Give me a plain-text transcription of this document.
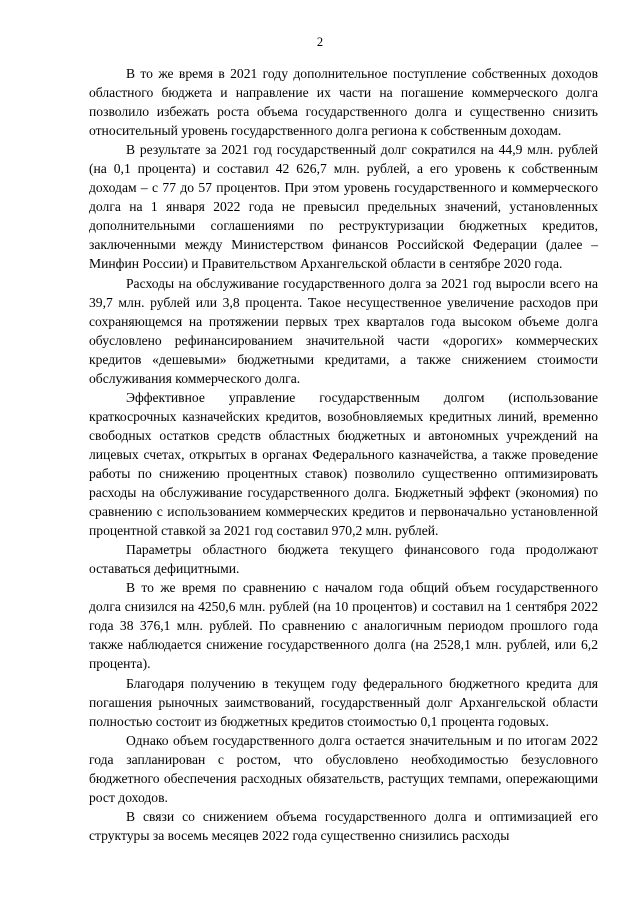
2

В то же время в 2021 году дополнительное поступление собственных доходов областного бюджета и направление их части на погашение коммерческого долга позволило избежать роста объема государственного долга и существенно снизить относительный уровень государственного долга региона к собственным доходам.

В результате за 2021 год государственный долг сократился на 44,9 млн. рублей (на 0,1 процента) и составил 42 626,7 млн. рублей, а его уровень к собственным доходам – с 77 до 57 процентов. При этом уровень государственного и коммерческого долга на 1 января 2022 года не превысил предельных значений, установленных дополнительными соглашениями по реструктуризации бюджетных кредитов, заключенными между Министерством финансов Российской Федерации (далее – Минфин России) и Правительством Архангельской области в сентябре 2020 года.

Расходы на обслуживание государственного долга за 2021 год выросли всего на 39,7 млн. рублей или 3,8 процента. Такое несущественное увеличение расходов при сохраняющемся на протяжении первых трех кварталов года высоком объеме долга обусловлено рефинансированием значительной части «дорогих» коммерческих кредитов «дешевыми» бюджетными кредитами, а также снижением стоимости обслуживания коммерческого долга.

Эффективное управление государственным долгом (использование краткосрочных казначейских кредитов, возобновляемых кредитных линий, временно свободных остатков средств областных бюджетных и автономных учреждений на лицевых счетах, открытых в органах Федерального казначейства, а также проведение работы по снижению процентных ставок) позволило существенно оптимизировать расходы на обслуживание государственного долга. Бюджетный эффект (экономия) по сравнению с использованием коммерческих кредитов и первоначально установленной процентной ставкой за 2021 год составил 970,2 млн. рублей.

Параметры областного бюджета текущего финансового года продолжают оставаться дефицитными.

В то же время по сравнению с началом года общий объем государственного долга снизился на 4250,6 млн. рублей (на 10 процентов) и составил на 1 сентября 2022 года 38 376,1 млн. рублей. По сравнению с аналогичным периодом прошлого года также наблюдается снижение государственного долга (на 2528,1 млн. рублей, или 6,2 процента).

Благодаря получению в текущем году федерального бюджетного кредита для погашения рыночных заимствований, государственный долг Архангельской области полностью состоит из бюджетных кредитов стоимостью 0,1 процента годовых.

Однако объем государственного долга остается значительным и по итогам 2022 года запланирован с ростом, что обусловлено необходимостью безусловного бюджетного обеспечения расходных обязательств, растущих темпами, опережающими рост доходов.

В связи со снижением объема государственного долга и оптимизацией его структуры за восемь месяцев 2022 года существенно снизились расходы
